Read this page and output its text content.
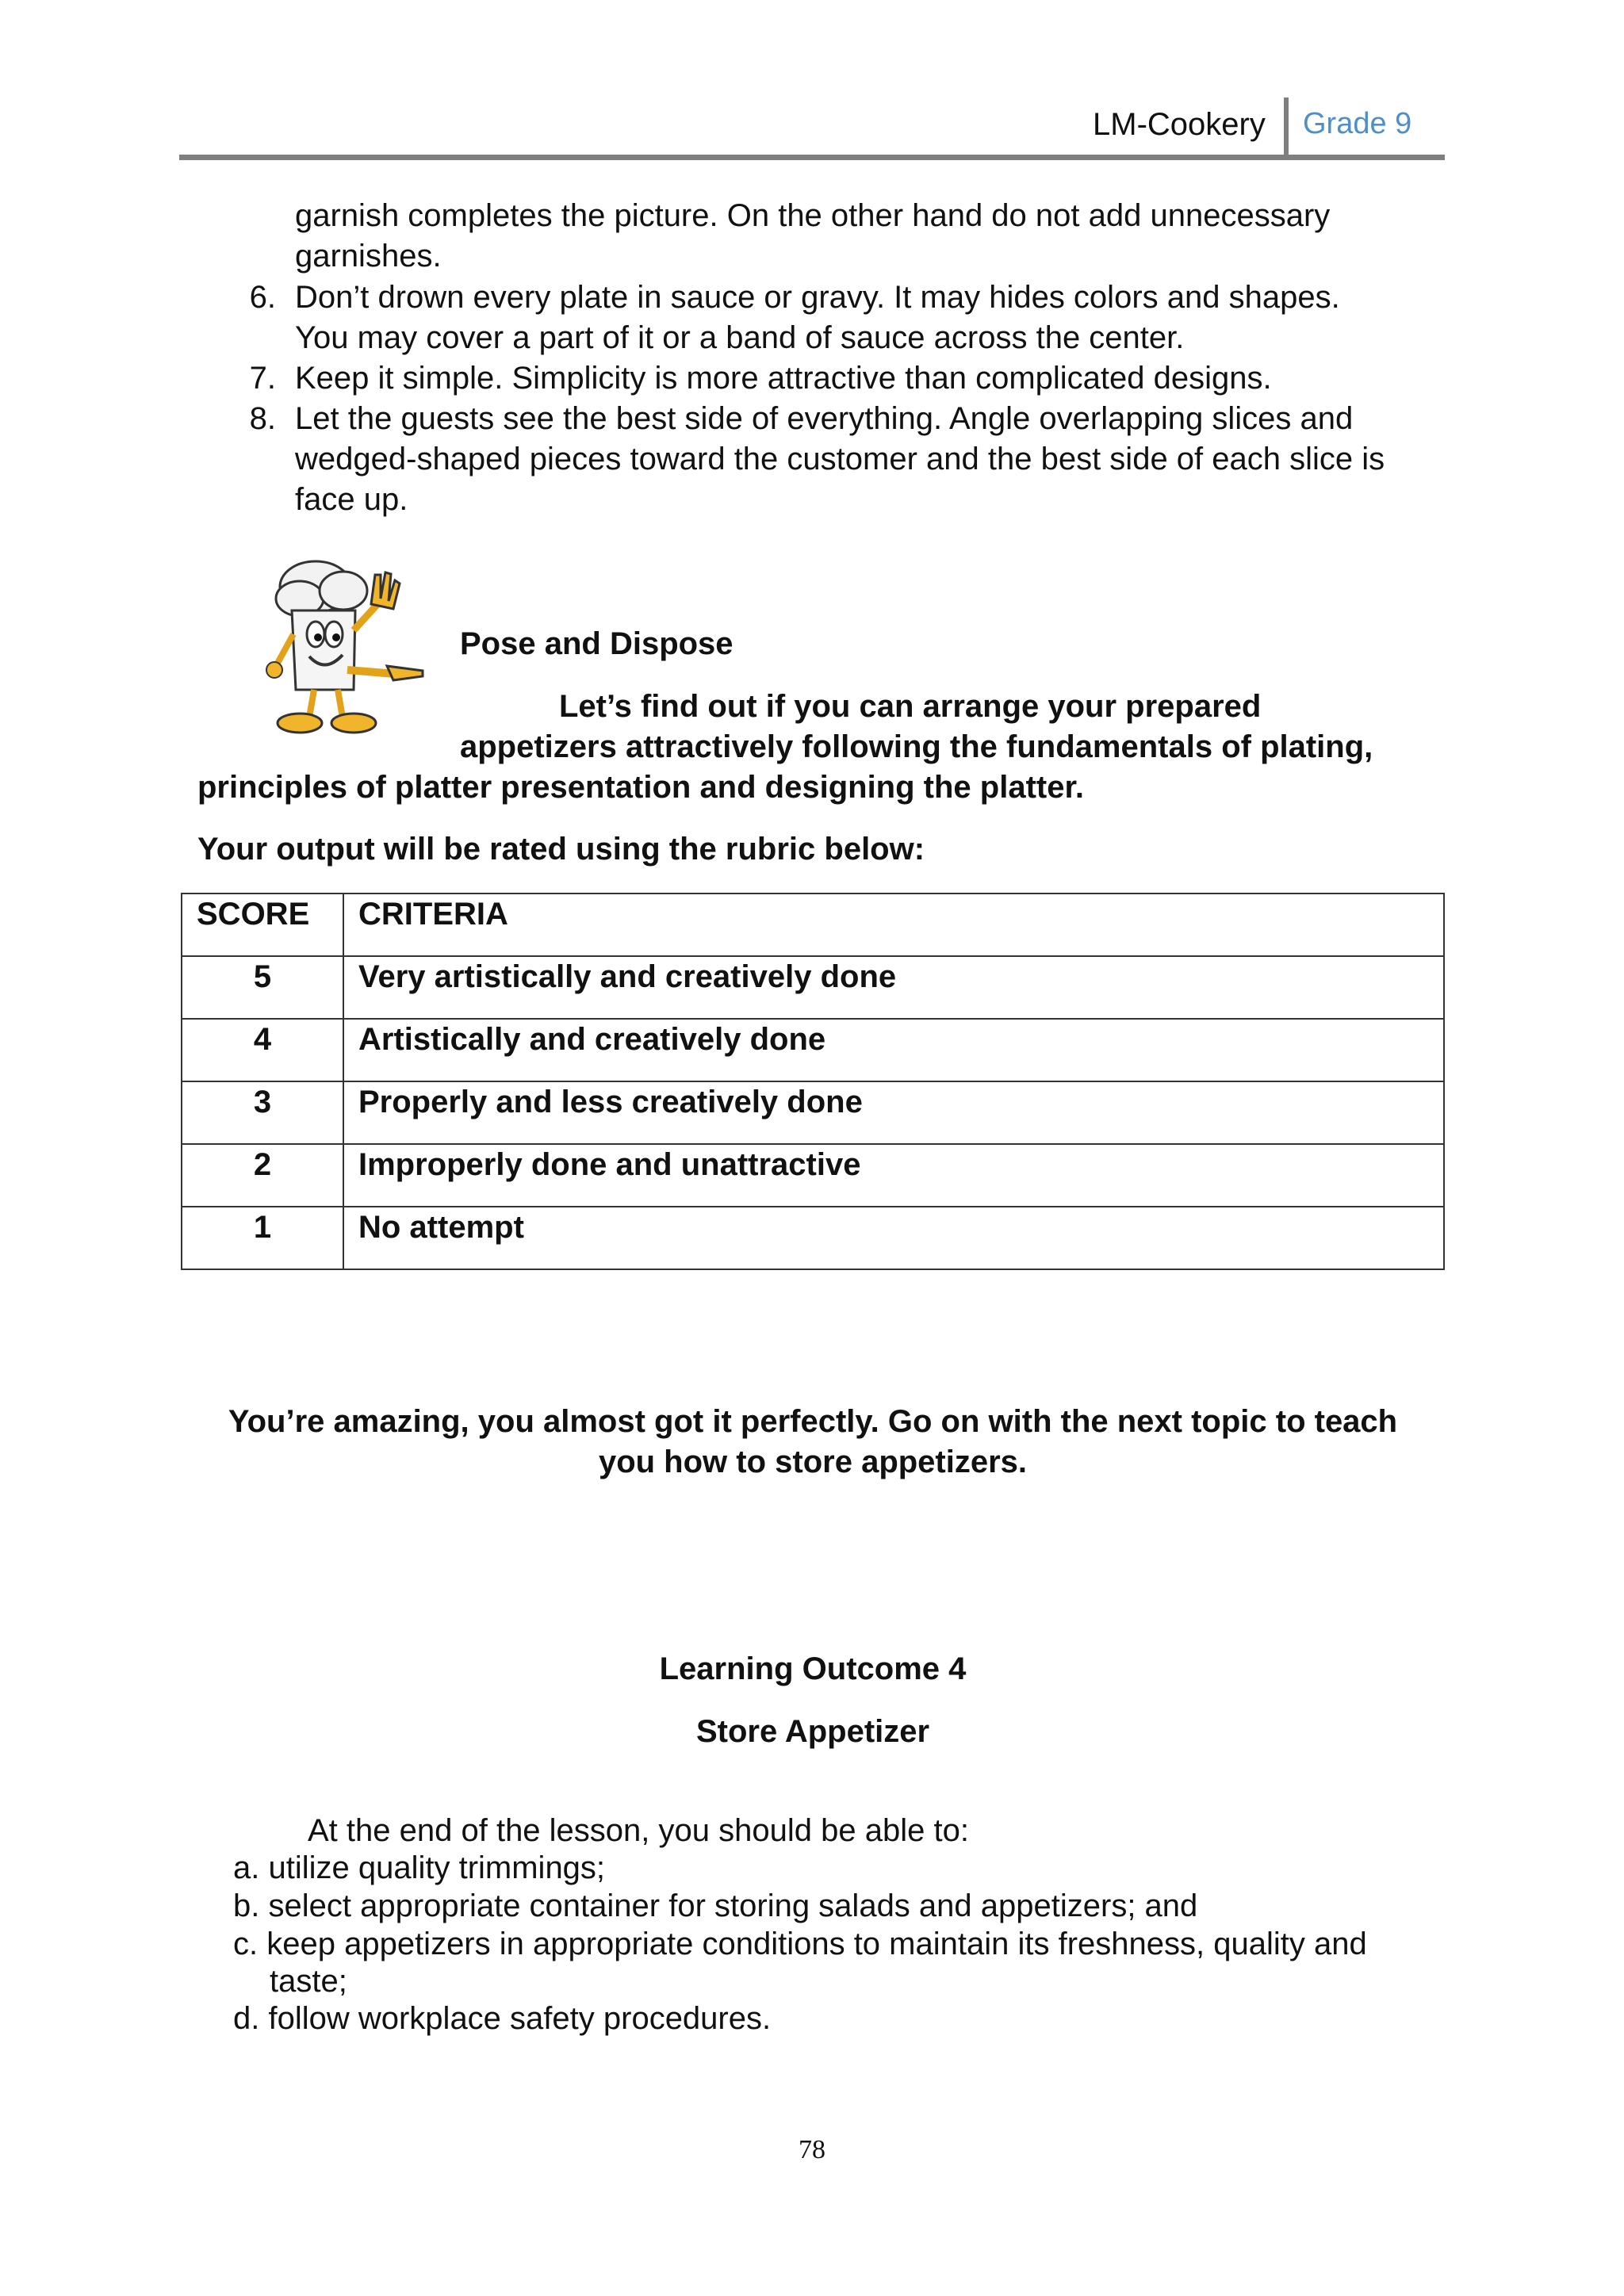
LM-Cookery Grade 9
garnish completes the picture. On the other hand do not add unnecessary
garnishes.
6. Don’t drown every plate in sauce or gravy. It may hides colors and shapes.
You may cover a part of it or a band of sauce across the center.
7. Keep it simple. Simplicity is more attractive than complicated designs.
8. Let the guests see the best side of everything. Angle overlapping slices and
wedged-shaped pieces toward the customer and the best side of each slice is
face up.
Pose and Dispose
Let’s find out if you can arrange your prepared
appetizers attractively following the fundamentals of plating,
principles of platter presentation and designing the platter.
Your output will be rated using the rubric below:
SCORE	CRITERIA
5	Very artistically and creatively done
4	Artistically and creatively done
3	Properly and less creatively done
2	Improperly done and unattractive
1	No attempt
You’re amazing, you almost got it perfectly. Go on with the next topic to teach
you how to store appetizers.
Learning Outcome 4
Store Appetizer
At the end of the lesson, you should be able to:
a. utilize quality trimmings;
b. select appropriate container for storing salads and appetizers; and
c. keep appetizers in appropriate conditions to maintain its freshness, quality and
taste;
d. follow workplace safety procedures.
78
